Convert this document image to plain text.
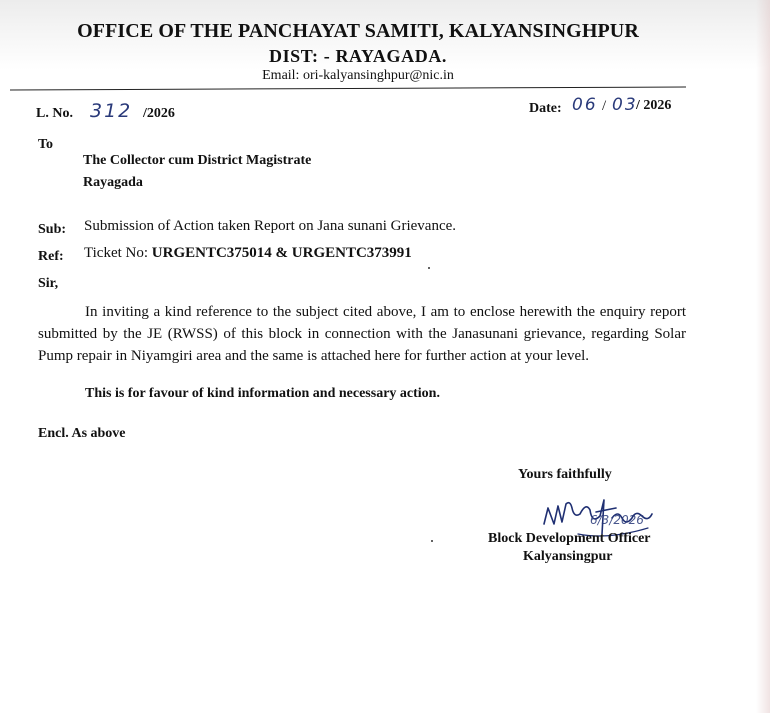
OFFICE OF THE PANCHAYAT SAMITI, KALYANSINGHPUR
DIST: - RAYAGADA.
Email: ori-kalyansinghpur@nic.in
L. No. 312 /2026	Date: 06 / 03
/ 2026
To
The Collector cum District Magistrate
Rayagada
Sub: Submission of Action taken Report on Jana sunani Grievance.
Ref: Ticket No: URGENTC375014 & URGENTC373991
Sir,

In inviting a kind reference to the subject cited above, I am to enclose herewith the enquiry report submitted by the JE (RWSS) of this block in connection with the Janasunani grievance, regarding Solar Pump repair in Niyamgiri area and the same is attached here for further action at your level.

This is for favour of kind information and necessary action.
Encl. As above
Yours faithfully
6/3/2026
Block Development Officer
Kalyansingpur
